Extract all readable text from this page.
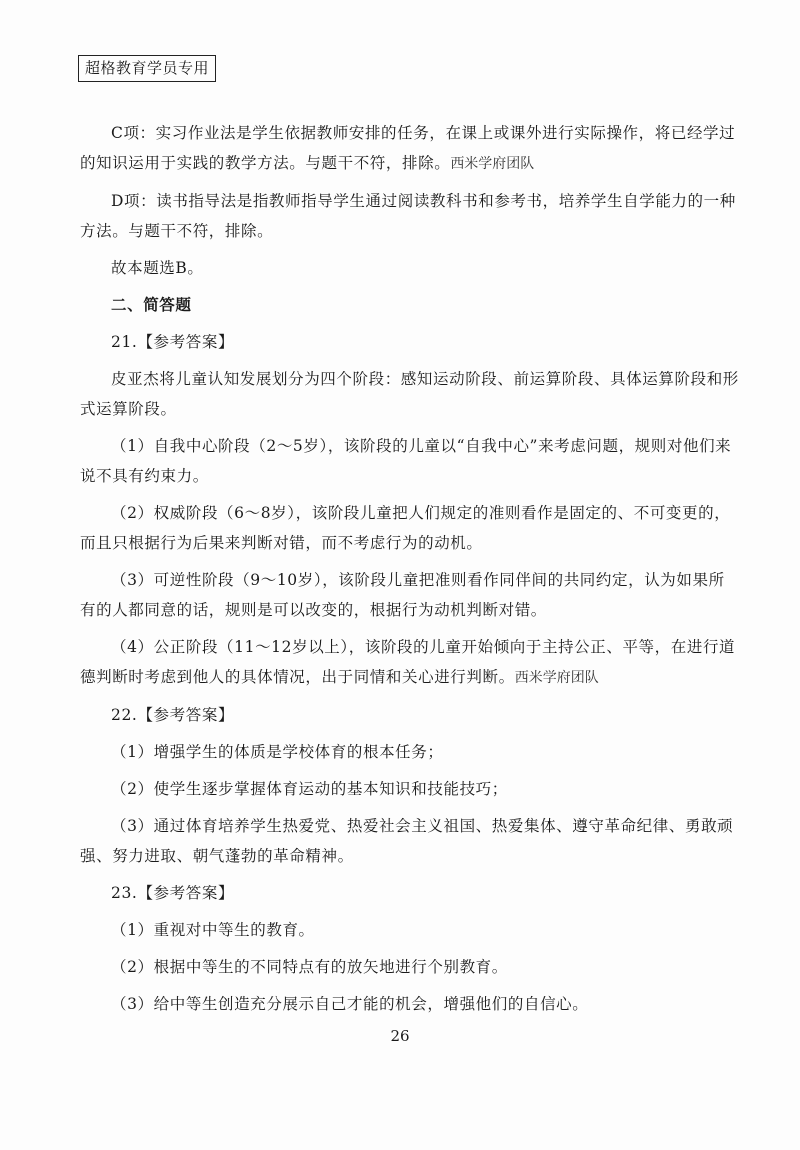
超格教育学员专用

C项：实习作业法是学生依据教师安排的任务，在课上或课外进行实际操作，将已经学过的知识运用于实践的教学方法。与题干不符，排除。西米学府团队

D项：读书指导法是指教师指导学生通过阅读教科书和参考书，培养学生自学能力的一种方法。与题干不符，排除。

故本题选B。

二、简答题

21.【参考答案】

皮亚杰将儿童认知发展划分为四个阶段：感知运动阶段、前运算阶段、具体运算阶段和形式运算阶段。

（1）自我中心阶段（2～5岁），该阶段的儿童以“自我中心”来考虑问题，规则对他们来说不具有约束力。

（2）权威阶段（6～8岁），该阶段儿童把人们规定的准则看作是固定的、不可变更的，而且只根据行为后果来判断对错，而不考虑行为的动机。

（3）可逆性阶段（9～10岁），该阶段儿童把准则看作同伴间的共同约定，认为如果所有的人都同意的话，规则是可以改变的，根据行为动机判断对错。

（4）公正阶段（11～12岁以上），该阶段的儿童开始倾向于主持公正、平等，在进行道德判断时考虑到他人的具体情况，出于同情和关心进行判断。西米学府团队

22.【参考答案】

（1）增强学生的体质是学校体育的根本任务；

（2）使学生逐步掌握体育运动的基本知识和技能技巧；

（3）通过体育培养学生热爱党、热爱社会主义祖国、热爱集体、遵守革命纪律、勇敢顽强、努力进取、朝气蓬勃的革命精神。

23.【参考答案】

（1）重视对中等生的教育。

（2）根据中等生的不同特点有的放矢地进行个别教育。

（3）给中等生创造充分展示自己才能的机会，增强他们的自信心。

26
